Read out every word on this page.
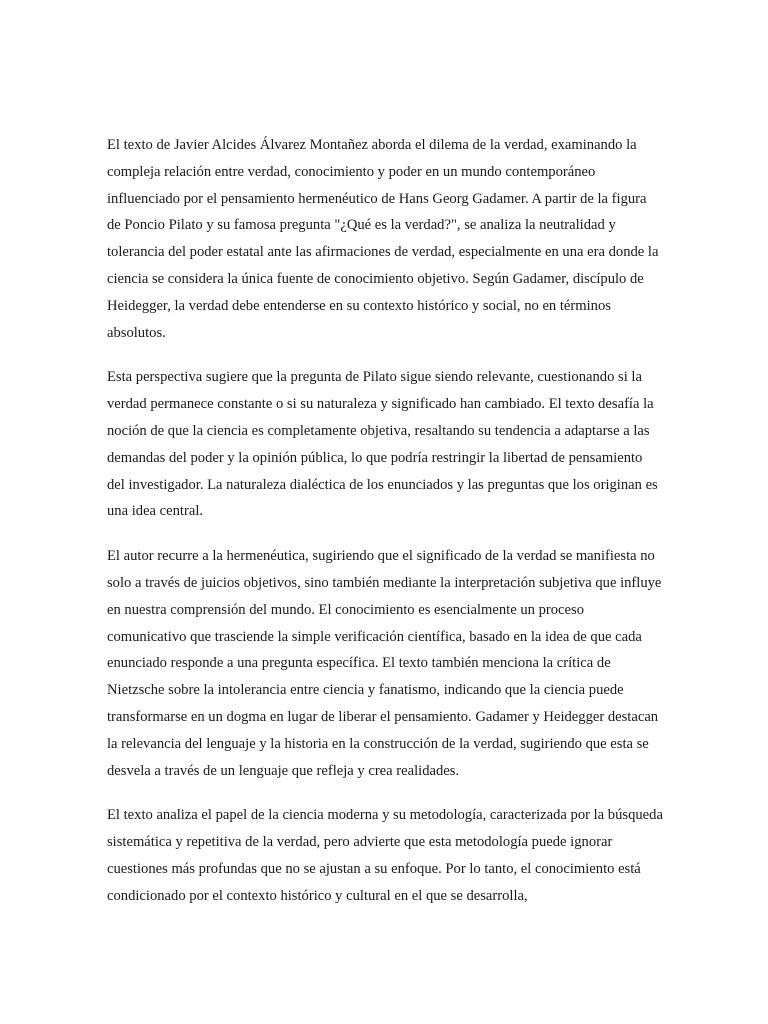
El texto de Javier Alcides Álvarez Montañez aborda el dilema de la verdad, examinando la compleja relación entre verdad, conocimiento y poder en un mundo contemporáneo influenciado por el pensamiento hermenéutico de Hans Georg Gadamer. A partir de la figura de Poncio Pilato y su famosa pregunta "¿Qué es la verdad?", se analiza la neutralidad y tolerancia del poder estatal ante las afirmaciones de verdad, especialmente en una era donde la ciencia se considera la única fuente de conocimiento objetivo. Según Gadamer, discípulo de Heidegger, la verdad debe entenderse en su contexto histórico y social, no en términos absolutos.

Esta perspectiva sugiere que la pregunta de Pilato sigue siendo relevante, cuestionando si la verdad permanece constante o si su naturaleza y significado han cambiado. El texto desafía la noción de que la ciencia es completamente objetiva, resaltando su tendencia a adaptarse a las demandas del poder y la opinión pública, lo que podría restringir la libertad de pensamiento del investigador. La naturaleza dialéctica de los enunciados y las preguntas que los originan es una idea central.

El autor recurre a la hermenéutica, sugiriendo que el significado de la verdad se manifiesta no solo a través de juicios objetivos, sino también mediante la interpretación subjetiva que influye en nuestra comprensión del mundo. El conocimiento es esencialmente un proceso comunicativo que trasciende la simple verificación científica, basado en la idea de que cada enunciado responde a una pregunta específica. El texto también menciona la crítica de Nietzsche sobre la intolerancia entre ciencia y fanatismo, indicando que la ciencia puede transformarse en un dogma en lugar de liberar el pensamiento. Gadamer y Heidegger destacan la relevancia del lenguaje y la historia en la construcción de la verdad, sugiriendo que esta se desvela a través de un lenguaje que refleja y crea realidades.

El texto analiza el papel de la ciencia moderna y su metodología, caracterizada por la búsqueda sistemática y repetitiva de la verdad, pero advierte que esta metodología puede ignorar cuestiones más profundas que no se ajustan a su enfoque. Por lo tanto, el conocimiento está condicionado por el contexto histórico y cultural en el que se desarrolla,
